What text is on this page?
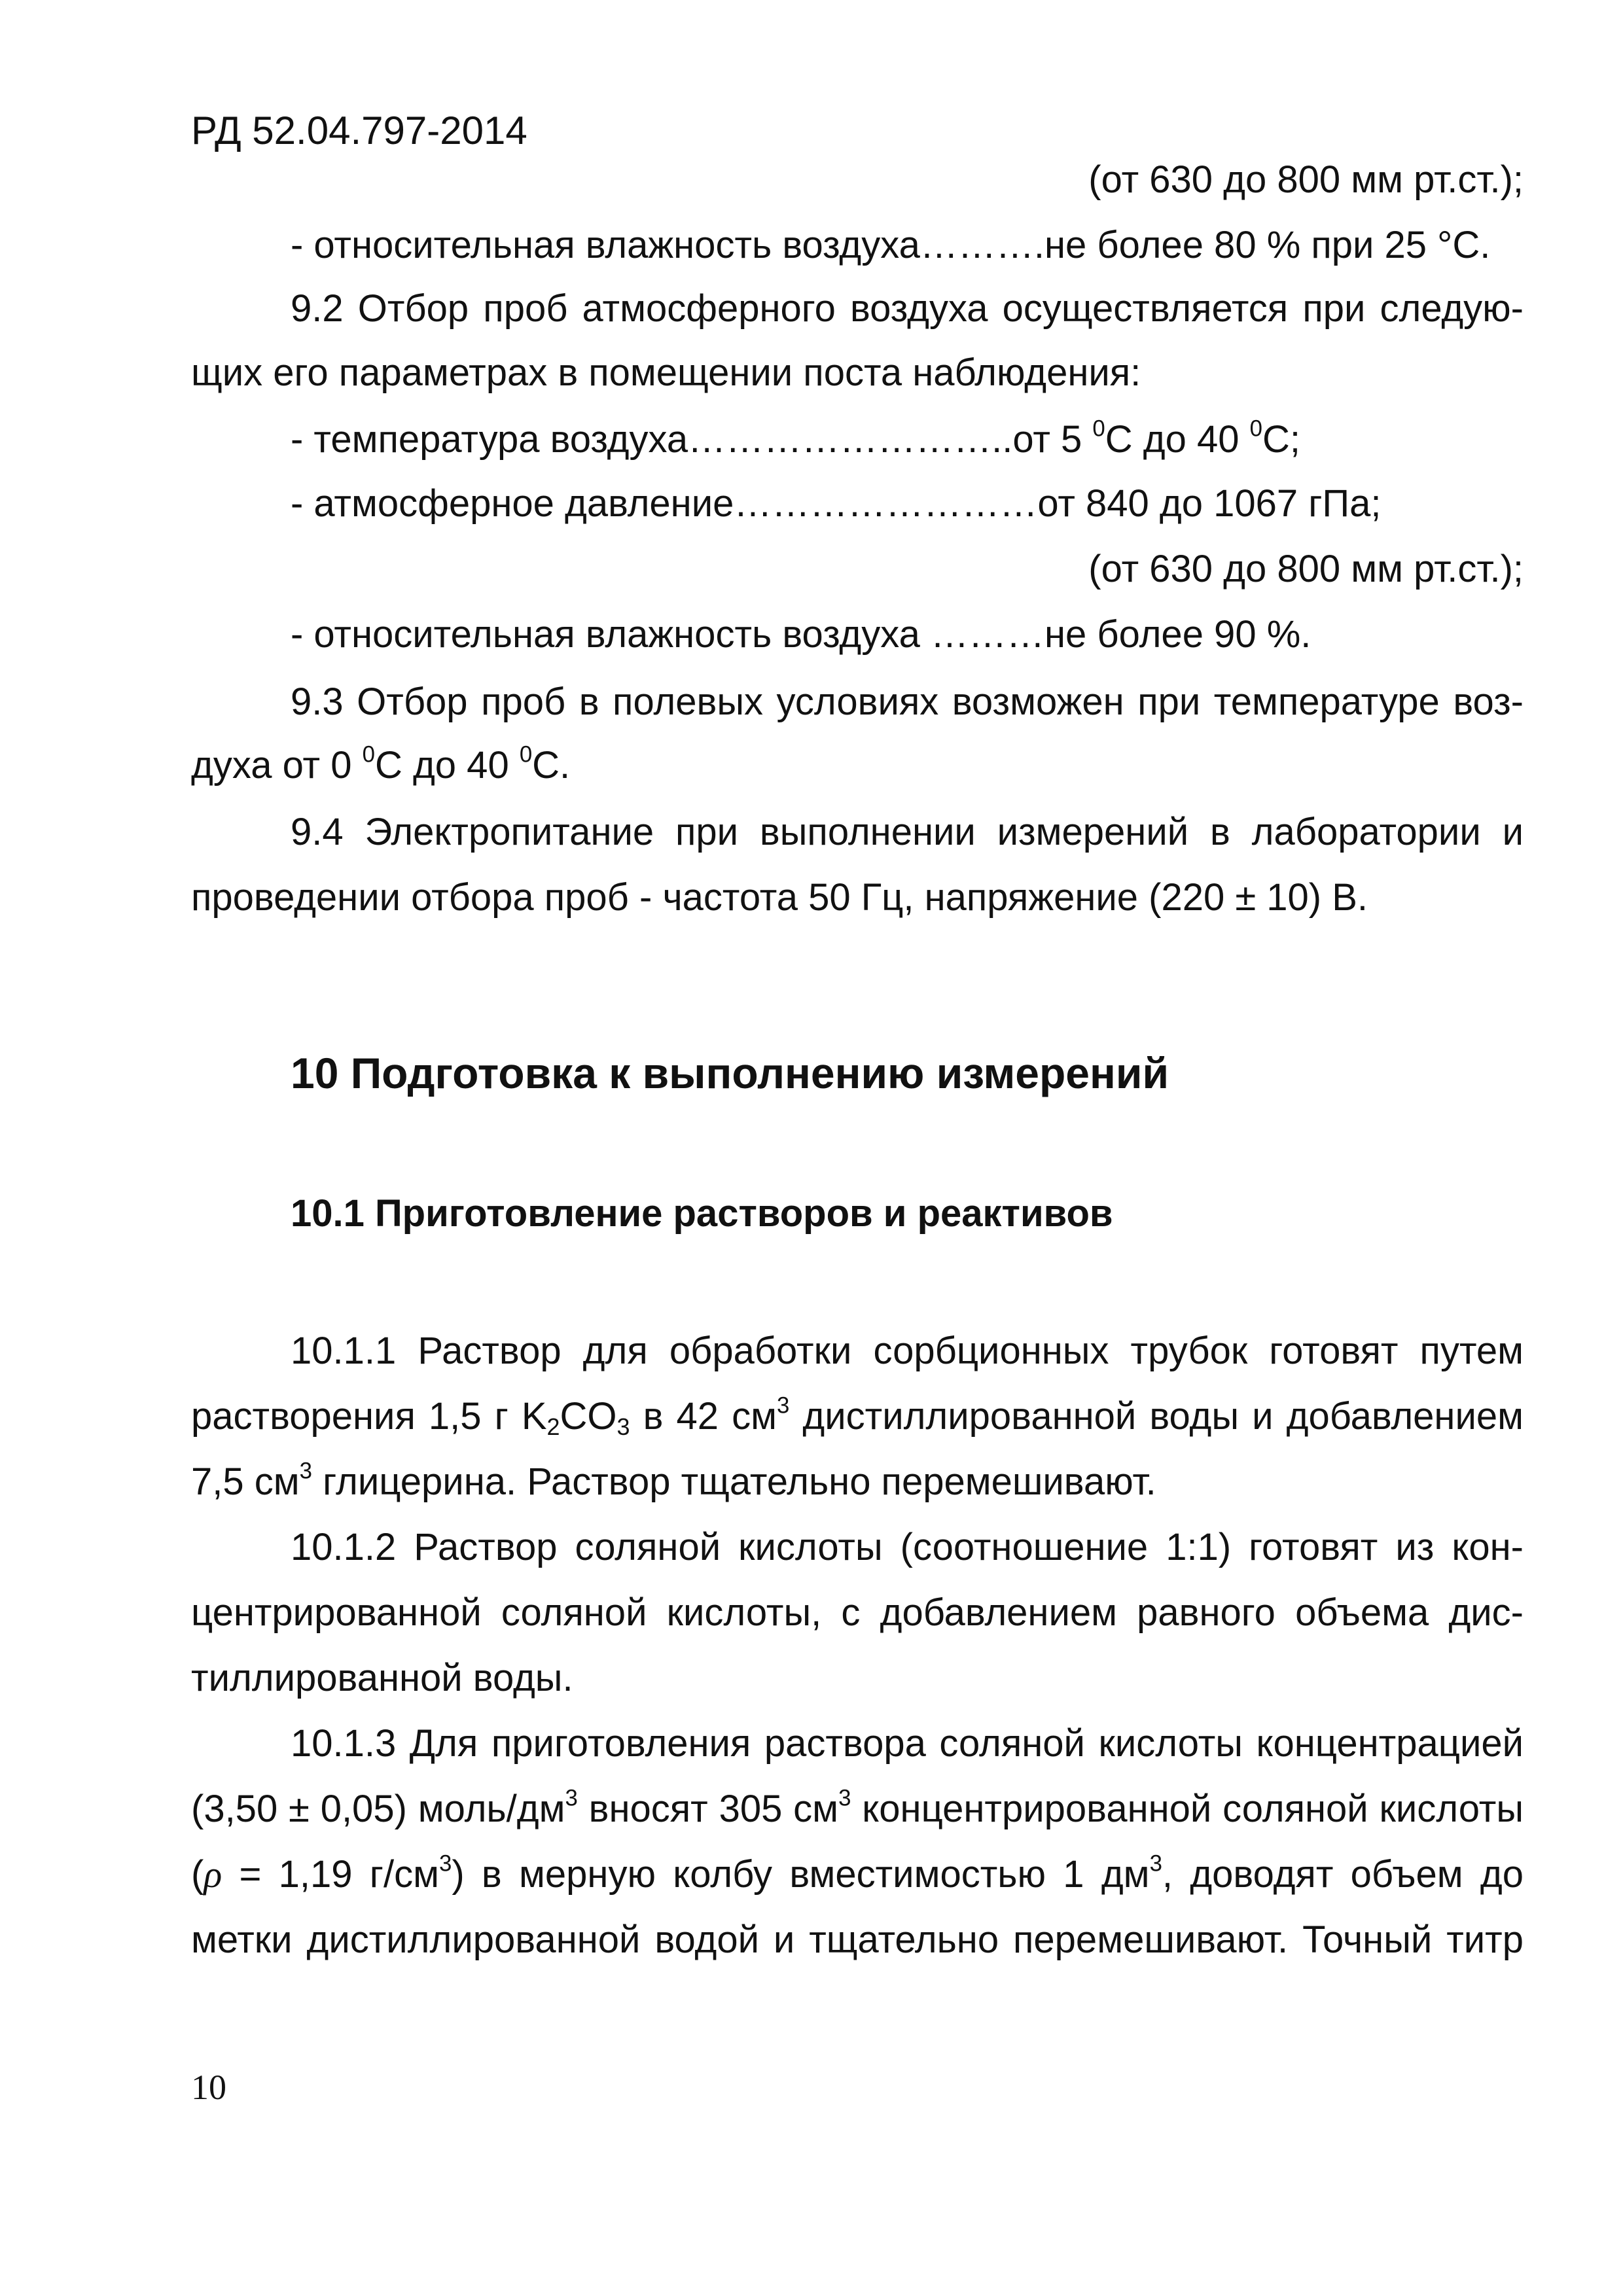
РД 52.04.797-2014
(от 630 до 800 мм рт.ст.);
- относительная влажность воздуха……….не более 80 % при 25 °С.
9.2 Отбор проб атмосферного воздуха осуществляется при следую-
щих его параметрах в помещении поста наблюдения:
- температура воздуха……………………..от 5 $^0$С до 40 $^0$С;
- атмосферное давление……………………от 840 до 1067 гПа;
(от 630 до 800 мм рт.ст.);
- относительная влажность воздуха ………не более 90 %.
9.3 Отбор проб в полевых условиях возможен при температуре воз-
духа от 0 $^0$С до 40 $^0$С.
9.4 Электропитание при выполнении измерений в лаборатории и
проведении отбора проб - частота 50 Гц, напряжение (220 ± 10) В.
10 Подготовка к выполнению измерений
10.1 Приготовление растворов и реактивов
10.1.1 Раствор для обработки сорбционных трубок готовят путем
растворения 1,5 г $K_2CO_3$ в 42 $см^3$ дистиллированной воды и добавлением
7,5 $см^3$ глицерина. Раствор тщательно перемешивают.
10.1.2 Раствор соляной кислоты (соотношение 1:1) готовят из кон-
центрированной соляной кислоты, с добавлением равного объема дис-
тиллированной воды.
10.1.3 Для приготовления раствора соляной кислоты концентрацией
(3,50 ± 0,05) моль/$дм^3$ вносят 305 $см^3$ концентрированной соляной кислоты
(ρ = 1,19 $г/см^3$) в мерную колбу вместимостью 1 $дм^3$, доводят объем до
метки дистиллированной водой и тщательно перемешивают. Точный титр
10
